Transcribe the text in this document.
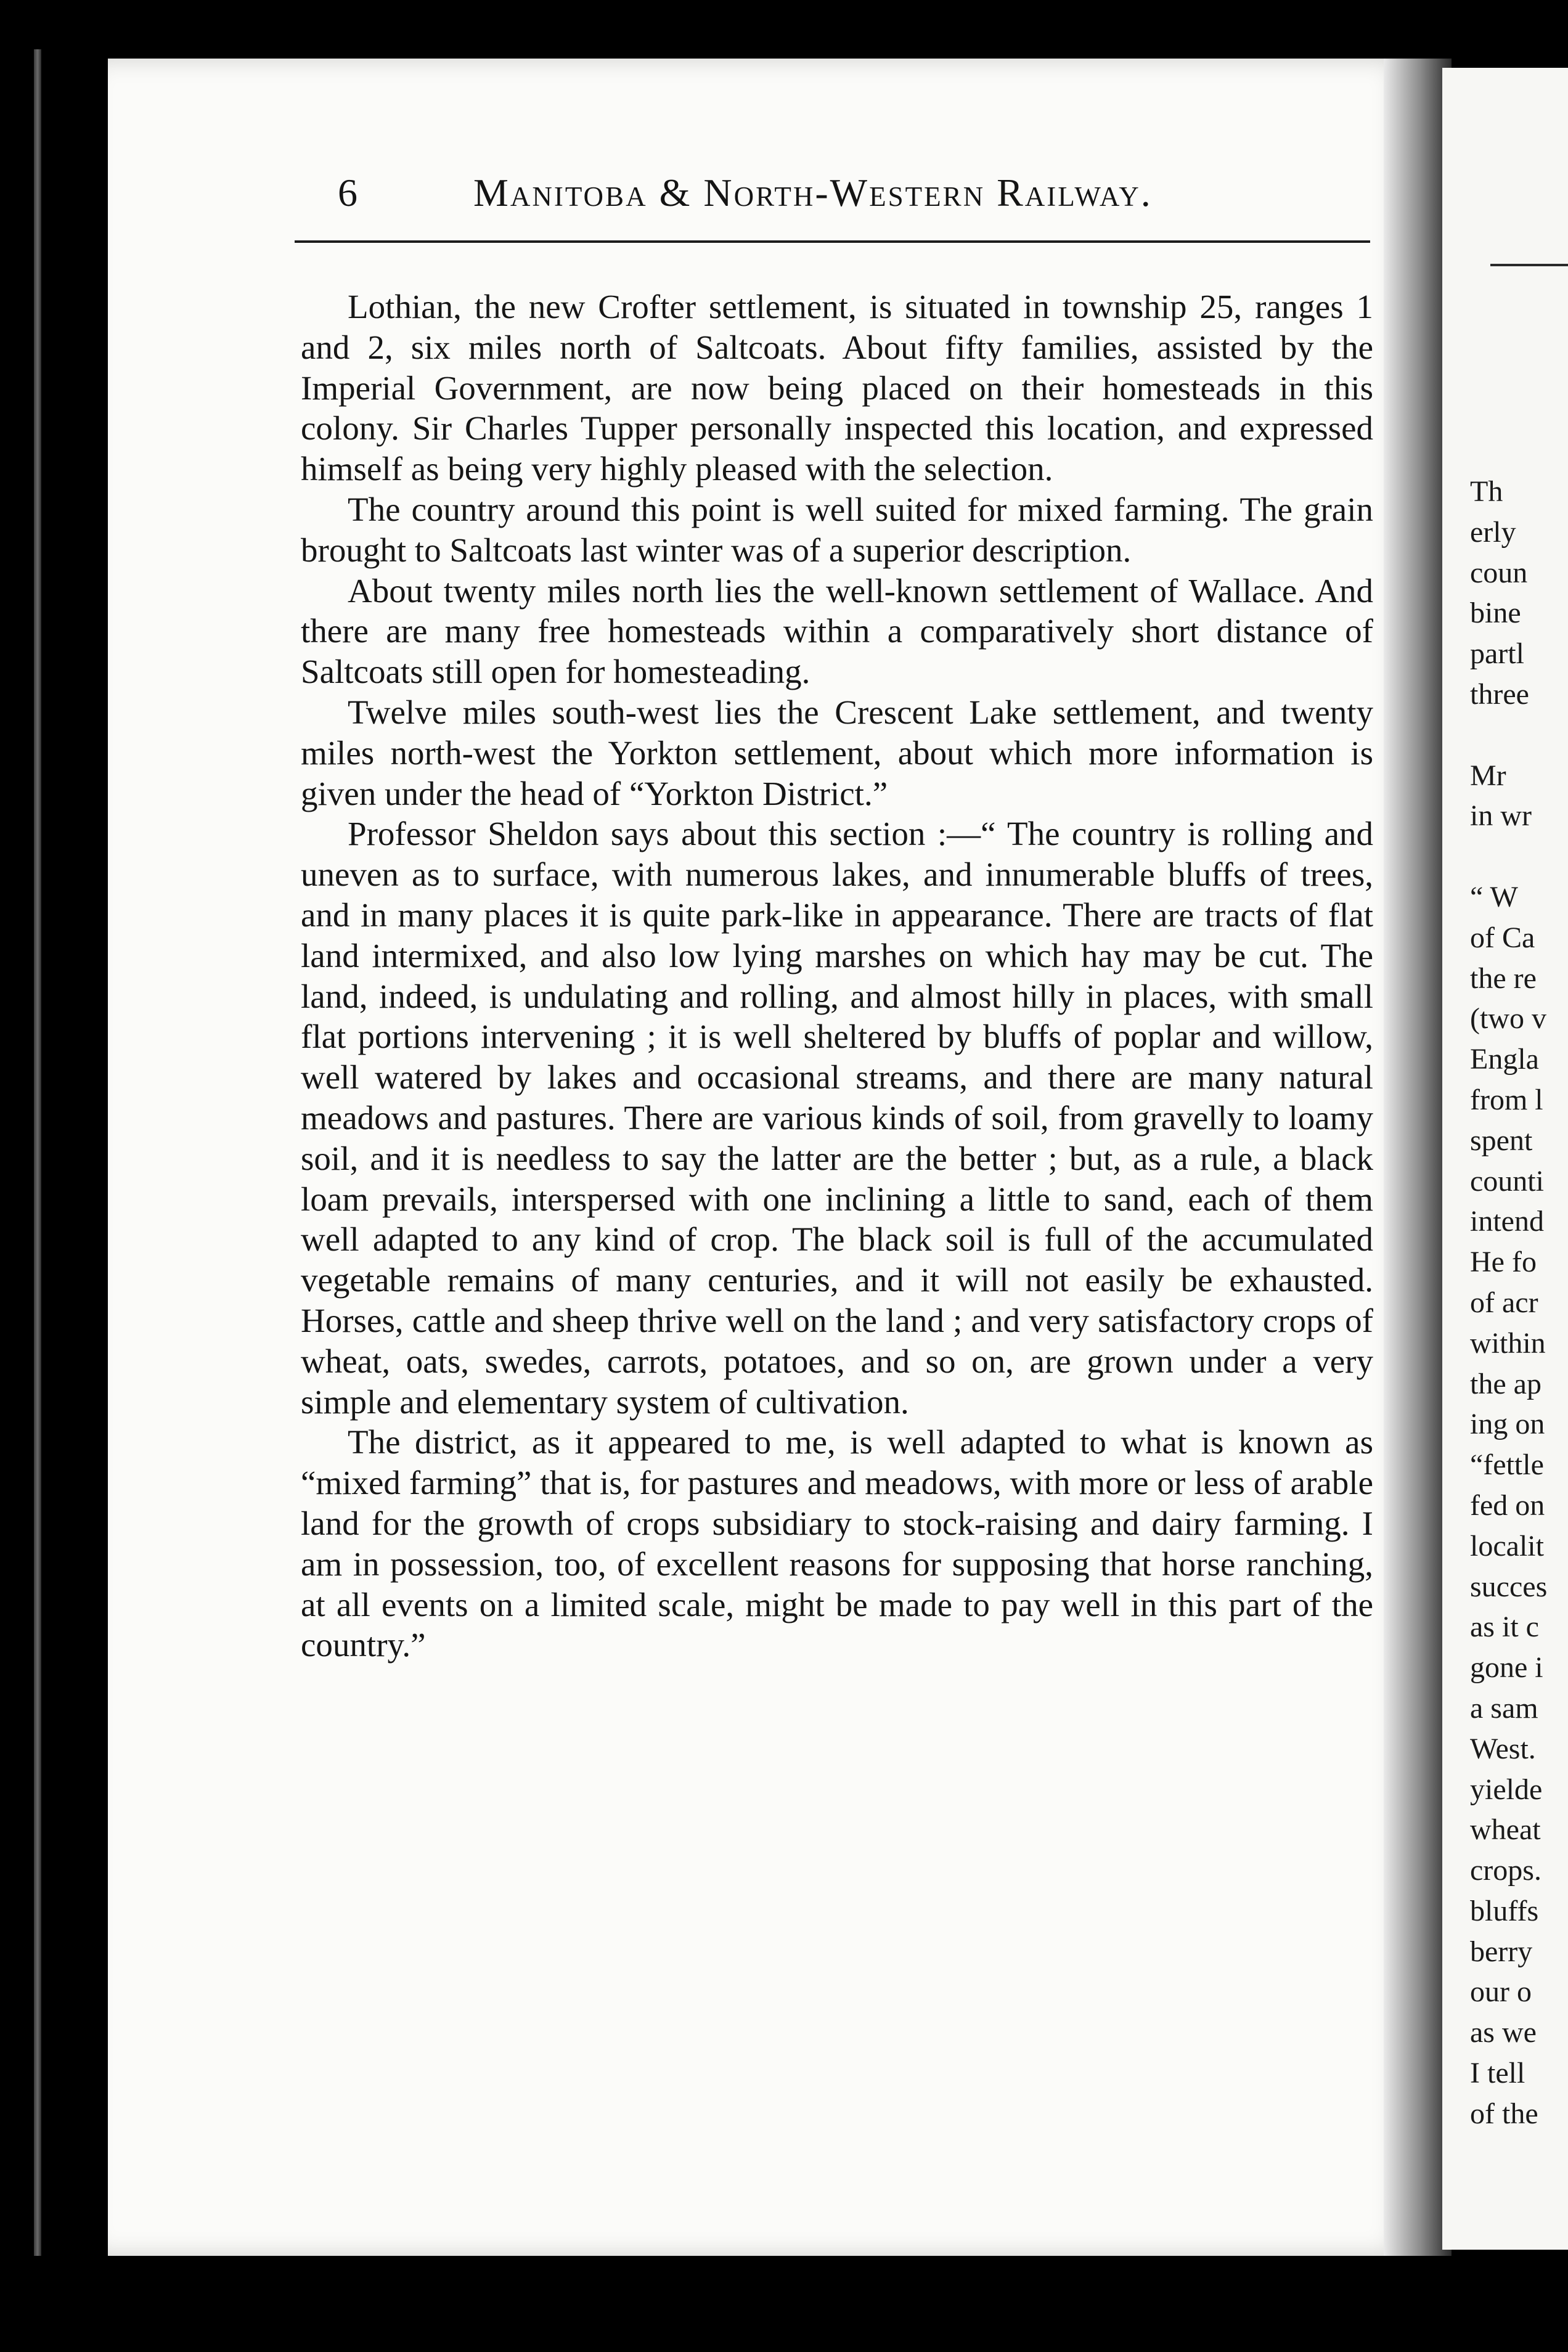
6	Manitoba & North-Western Railway.

Lothian, the new Crofter settlement, is situated in township 25, ranges 1 and 2, six miles north of Saltcoats. About fifty families, assisted by the Imperial Government, are now being placed on their homesteads in this colony. Sir Charles Tupper personally inspected this location, and expressed himself as being very highly pleased with the selection.

The country around this point is well suited for mixed farming. The grain brought to Saltcoats last winter was of a superior description.

About twenty miles north lies the well-known settlement of Wallace. And there are many free homesteads within a comparatively short distance of Saltcoats still open for homesteading.

Twelve miles south-west lies the Crescent Lake settlement, and twenty miles north-west the Yorkton settlement, about which more information is given under the head of “Yorkton District.”

Professor Sheldon says about this section :—“ The country is rolling and uneven as to surface, with numerous lakes, and innumerable bluffs of trees, and in many places it is quite park-like in appearance. There are tracts of flat land intermixed, and also low lying marshes on which hay may be cut. The land, indeed, is undulating and rolling, and almost hilly in places, with small flat portions intervening ; it is well sheltered by bluffs of poplar and willow, well watered by lakes and occasional streams, and there are many natural meadows and pastures. There are various kinds of soil, from gravelly to loamy soil, and it is needless to say the latter are the better ; but, as a rule, a black loam prevails, interspersed with one inclining a little to sand, each of them well adapted to any kind of crop. The black soil is full of the accumulated vegetable remains of many centuries, and it will not easily be exhausted. Horses, cattle and sheep thrive well on the land ; and very satisfactory crops of wheat, oats, swedes, carrots, potatoes, and so on, are grown under a very simple and elementary system of cultivation.

The district, as it appeared to me, is well adapted to what is known as “mixed farming” that is, for pastures and meadows, with more or less of arable land for the growth of crops subsidiary to stock-raising and dairy farming. I am in possession, too, of excellent reasons for supposing that horse ranching, at all events on a limited scale, might be made to pay well in this part of the country.”

Th
erly
coun
bine
partl
three
Mr
in wr
“ W
of Ca
the re
(two v
Engla
from l
spent
counti
intend
He fo
of acr
within
the ap
ing on
“fettle
fed on
localit
succes
as it c
gone i
a sam
West.
yielde
wheat
crops.
bluffs
berry
our o
as we
I tell
of the
